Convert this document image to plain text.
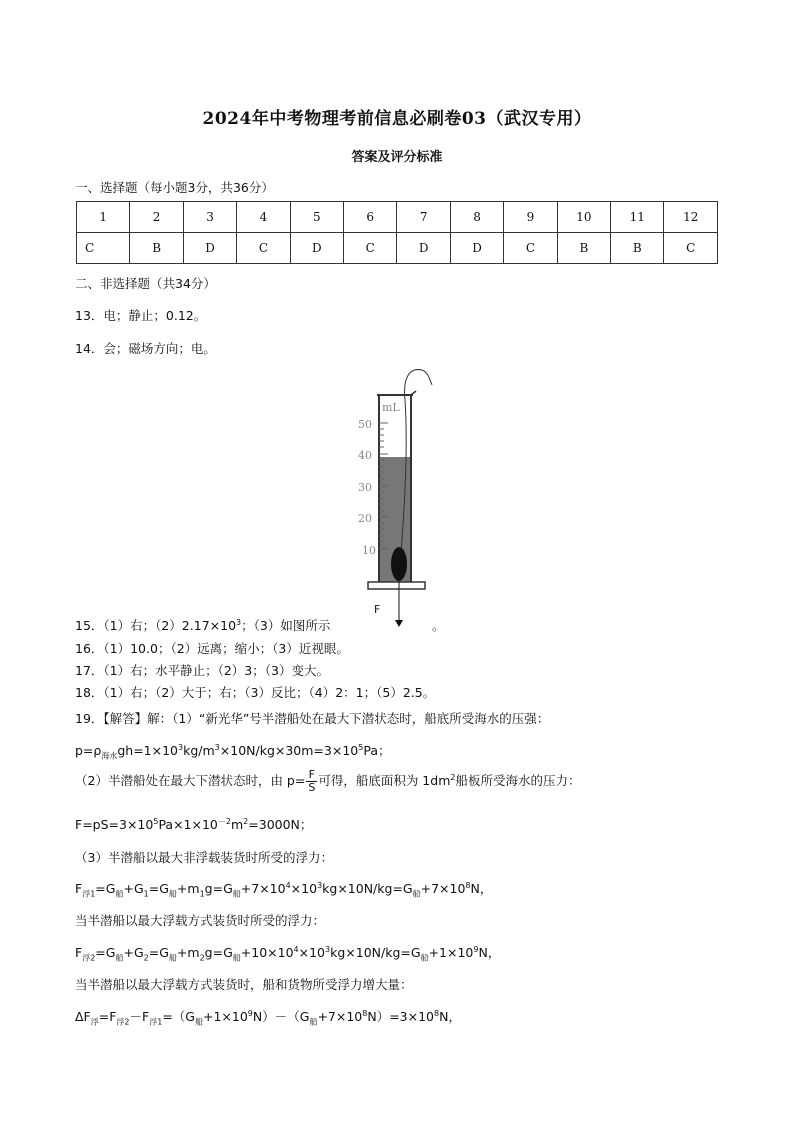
2024年中考物理考前信息必刷卷03（武汉专用）
答案及评分标准
一、选择题（每小题3分，共36分）
1	2	3	4	5	6	7	8	9	10	11	12
C	B	D	C	D	C	D	D	C	B	B	C
二、非选择题（共34分）
13．电；静止；0.12。
14．会；磁场方向；电。
mL
50
40
30
20
10
F
15．（1）右；$(2)2.17\times 10^3$；（3）如图所示	。
16．（1）10.0；（2）远离；缩小；（3）近视眼。
17．（1）右；水平静止；（2）3；（3）变大。
18．（1）右；（2）大于；右；（3）反比；（4）2：1；（5）2.5。
19．【解答】解：（1）“新光华”号半潜船处在最大下潜状态时，船底所受海水的压强：
$p=\rho_{海水}gh=1\times 10^3kg/m^3\times 10N/kg\times 30m=3\times 10^5Pa$；
（2）半潜船处在最大下潜状态时，由 $p= \frac{F}{S}$ 可得，船底面积为 $1dm^2$船板所受海水的压力：
$F=pS=3\times 10^5Pa\times 1\times 10^{-2}m^2=3000N$；
（3）半潜船以最大非浮载装货时所受的浮力：
$F_{浮1}=G_船+G_1=G_船+m_1g=G_船+7\times 10^4\times 10^3kg\times 10N/kg=G_船+7\times 10^8N$，
当半潜船以最大浮载方式装货时所受的浮力：
$F_{浮2}=G_船+G_2=G_船+m_2g=G_船+10\times 10^4\times 10^3kg\times 10N/kg=G_船+1\times 10^9N$，
当半潜船以最大浮载方式装货时，船和货物所受浮力增大量：
$\Delta F_浮=F_{浮2}-F_{浮1}=(G_船+1\times 10^9N)-(G_船+7\times 10^8N)=3\times 10^8N$，
